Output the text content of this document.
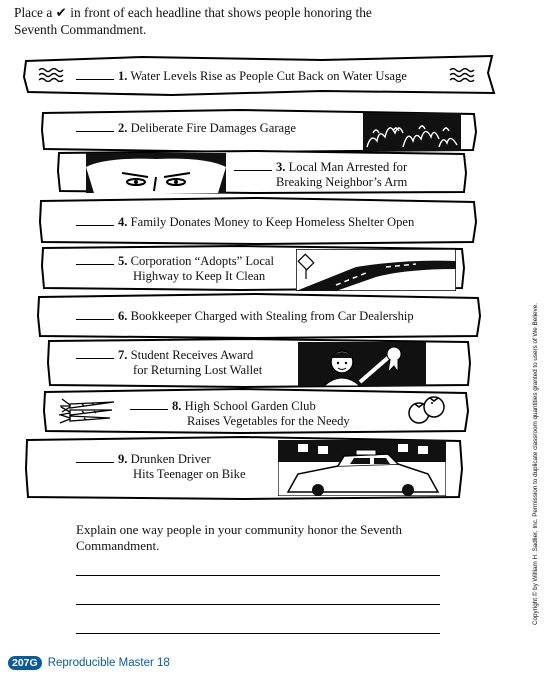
Place a ✔ in front of each headline that shows people honoring the
Seventh Commandment.
1. Water Levels Rise as People Cut Back on Water Usage
2. Deliberate Fire Damages Garage
3. Local Man Arrested for
Breaking Neighbor’s Arm
4. Family Donates Money to Keep Homeless Shelter Open
5. Corporation “Adopts” Local
Highway to Keep It Clean
6. Bookkeeper Charged with Stealing from Car Dealership
7. Student Receives Award
for Returning Lost Wallet
8. High School Garden Club
Raises Vegetables for the Needy
9. Drunken Driver
Hits Teenager on Bike
Explain one way people in your community honor the Seventh
Commandment.	Copyright © by William H. Sadlier, Inc. Permission to duplicate classroom quantities granted to users of We Believe.
207G Reproducible Master 18
